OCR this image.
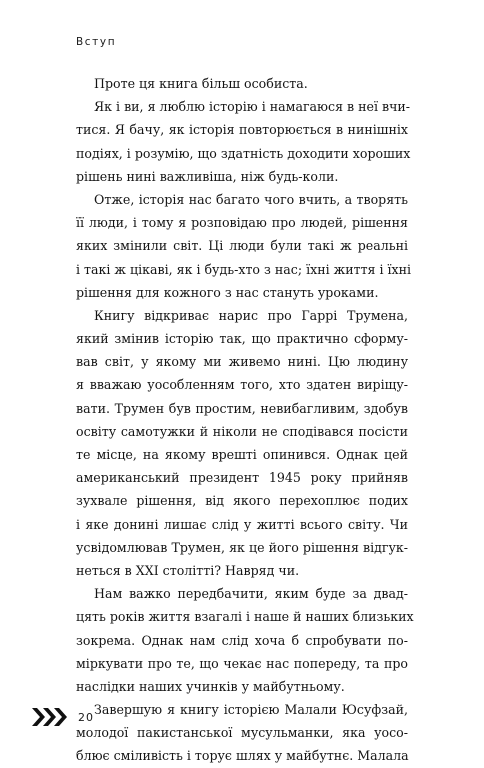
Вступ
Проте ця книга більш особиста.
Як і ви, я люблю історію і намагаюся в неї вчи-
тися. Я бачу, як історія повторюється в нинішніх
подіях, і розумію, що здатність доходити хороших
рішень нині важливіша, ніж будь-коли.
Отже, історія нас багато чого вчить, а творять
її люди, і тому я розповідаю про людей, рішення
яких змінили світ. Ці люди були такі ж реальні
і такі ж цікаві, як і будь-хто з нас; їхні життя і їхні
рішення для кожного з нас стануть уроками.
Книгу відкриває нарис про Гаррі Трумена,
який змінив історію так, що практично сформу-
вав світ, у якому ми живемо нині. Цю людину
я вважаю уособленням того, хто здатен виріщу-
вати. Трумен був простим, невибагливим, здобув
освіту самотужки й ніколи не сподівався посісти
те місце, на якому врешті опинився. Однак цей
американський президент 1945 року прийняв
зухвале рішення, від якого перехоплює подих
і яке донині лишає слід у житті всього світу. Чи
усвідомлював Трумен, як це його рішення відгук-
неться в XXI столітті? Навряд чи.
Нам важко передбачити, яким буде за двад-
цять років життя взагалі і наше й наших близьких
зокрема. Однак нам слід хоча б спробувати по-
міркувати про те, що чекає нас попереду, та про
наслідки наших учинків у майбутньому.
Завершую я книгу історією Малали Юсуфзай,
молодої пакистанської мусульманки, яка уосо-
блює сміливість і торує шлях у майбутнє. Малала
20
